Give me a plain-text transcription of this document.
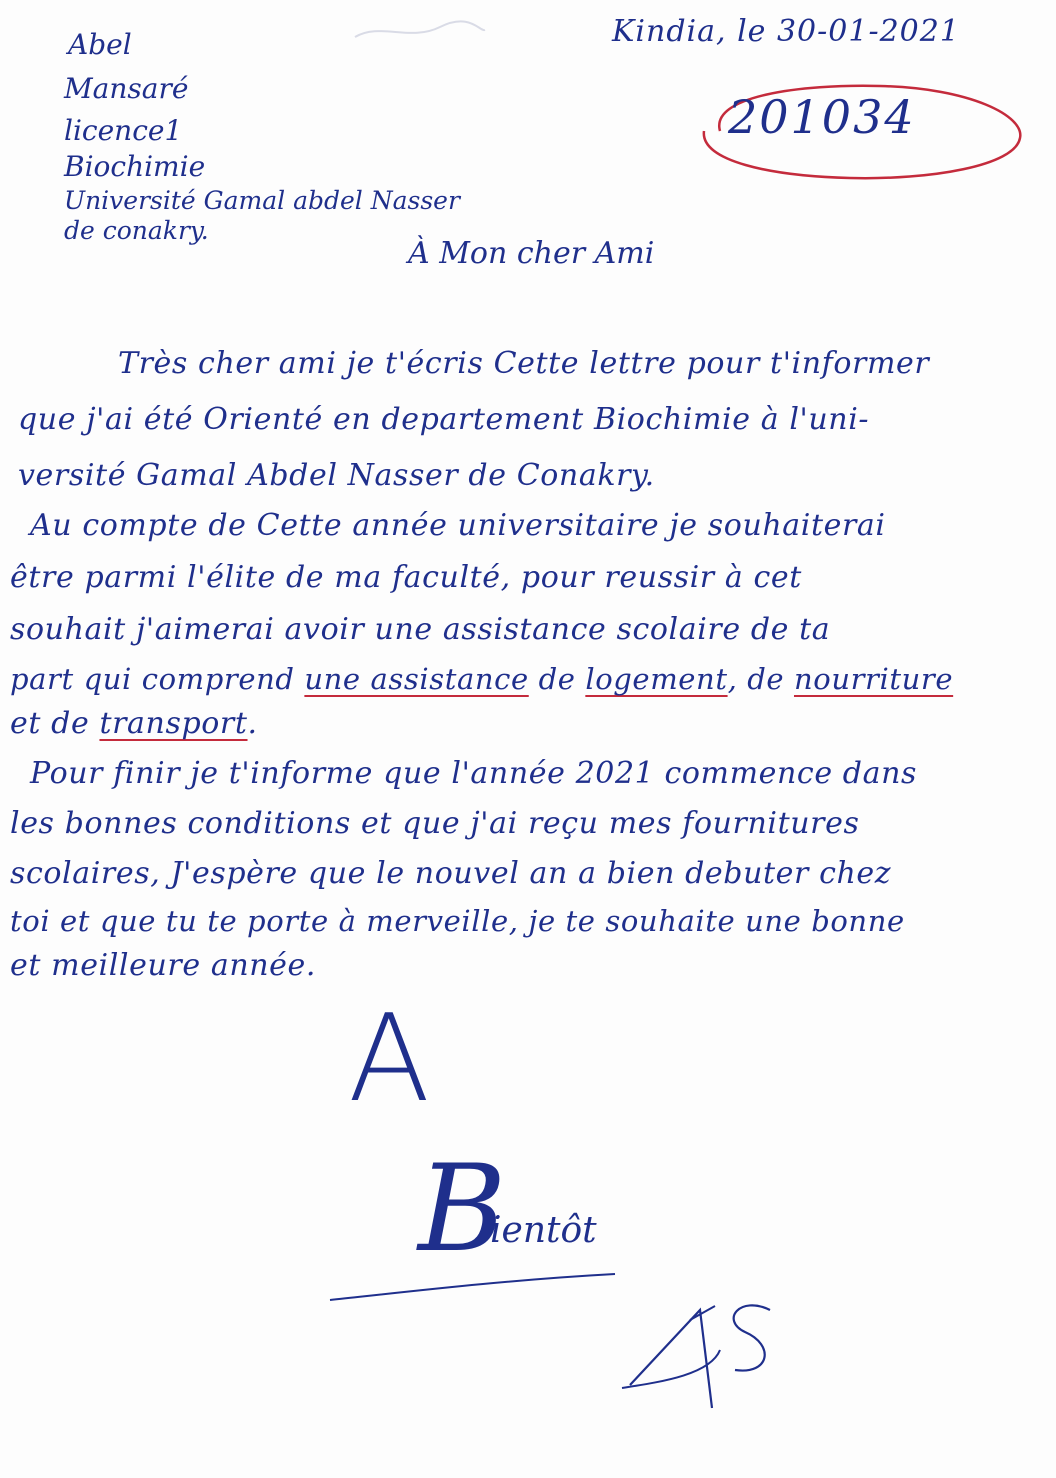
Abel
Mansaré
licence1
Biochimie
Université Gamal abdel Nasser
de conakry.
Kindia, le 30-01-2021
201034
À Mon cher Ami
Très cher ami je t'écris Cette lettre pour t'informer
que j'ai été Orienté en departement Biochimie à l'uni-
versité Gamal Abdel Nasser de Conakry.
Au compte de Cette année universitaire je souhaiterai
être parmi l'élite de ma faculté, pour reussir à cet
souhait j'aimerai avoir une assistance scolaire de ta
part qui comprend une assistance de logement, de nourriture
et de transport.
Pour finir je t'informe que l'année 2021 commence dans
les bonnes conditions et que j'ai reçu mes fournitures
scolaires, J'espère que le nouvel an a bien debuter chez
toi et que tu te porte à merveille, je te souhaite une bonne
et meilleure année.
A
B
ientôt
